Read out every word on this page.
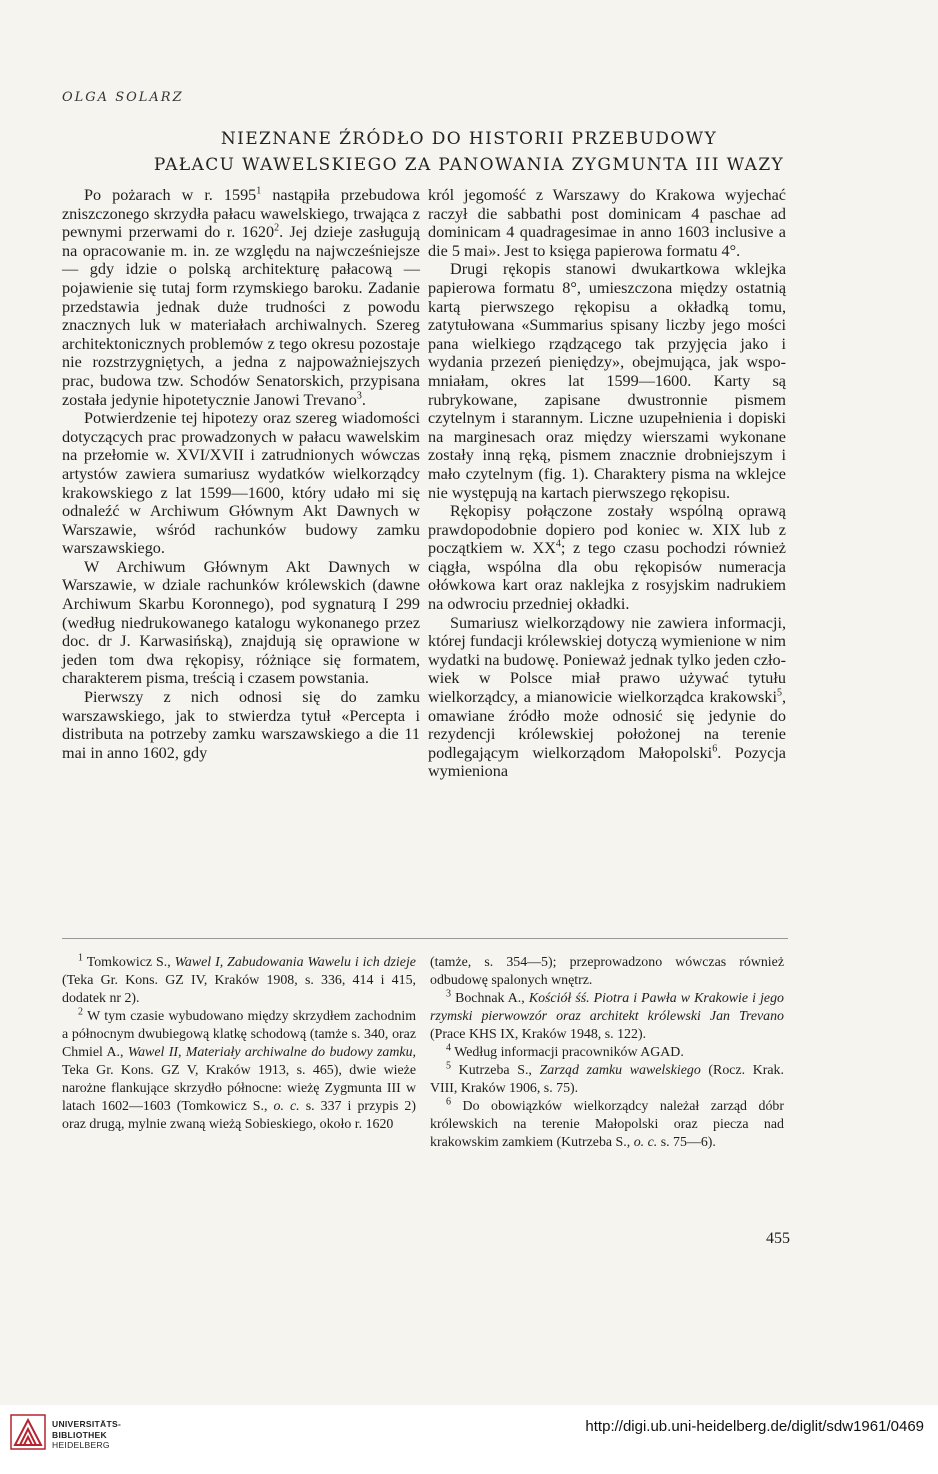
OLGA SOLARZ
NIEZNANE ŹRÓDŁO DO HISTORII PRZEBUDOWY
PAŁACU WAWELSKIEGO ZA PANOWANIA ZYGMUNTA III WAZY

Po pożarach w r. 1595$^1$ nastąpiła przebudowa zniszczonego skrzydła pałacu wawelskiego, trwająca z pewnymi przerwami do r. 1620$^2$. Jej dzieje zasługują na opracowanie m. in. ze względu na najwcześniejsze — gdy idzie o polską architekturę pałacową — pojawienie się tutaj form rzymskiego baroku. Zadanie przedstawia jednak duże trudności z powodu znacznych luk w materiałach archiwalnych. Szereg architektonicznych problemów z tego okresu pozostaje nie rozstrzygniętych, a jedna z najpoważniejszych prac, budowa tzw. Schodów Senatorskich, przypisana została jedynie hipotetycznie Janowi Trevano$^3$.

Potwierdzenie tej hipotezy oraz szereg wiadomości dotyczących prac prowadzonych w pałacu wawelskim na przełomie w. XVI/XVII i zatrudnionych wówczas artystów zawiera sumariusz wydatków wielkorządcy krakowskiego z lat 1599—1600, który udało mi się odnaleźć w Archiwum Głównym Akt Dawnych w Warszawie, wśród rachunków budowy zamku warszawskiego.

W Archiwum Głównym Akt Dawnych w Warszawie, w dziale rachunków królewskich (dawne Archiwum Skarbu Koronnego), pod sygnaturą I 299 (według niedrukowanego katalogu wykonanego przez doc. dr J. Karwasińską), znajdują się oprawione w jeden tom dwa rękopisy, różniące się formatem, charakterem pisma, treścią i czasem powstania.

Pierwszy z nich odnosi się do zamku warszawskiego, jak to stwierdza tytuł «Percepta i distributa na potrzeby zamku warszawskiego a die 11 mai in anno 1602, gdy

król jegomość z Warszawy do Krakowa wyjechać raczył die sabbathi post dominicam 4 paschae ad dominicam 4 quadragesimae in anno 1603 inclusive a die 5 mai». Jest to księga papierowa formatu 4°.

Drugi rękopis stanowi dwukartkowa wklejka papierowa formatu 8°, umieszczona między ostatnią kartą pierwszego rękopisu a okładką tomu, zatytułowana «Summarius spisany liczby jego mości pana wielkiego rządzącego tak przyjęcia jako i wydania przezeń pieniędzy», obejmująca, jak wspomniałam, okres lat 1599—1600. Karty są rubrykowane, zapisane dwustronnie pismem czytelnym i starannym. Liczne uzupełnienia i dopiski na marginesach oraz między wierszami wykonane zostały inną ręką, pismem znacznie drobniejszym i mało czytelnym (fig. 1). Charaktery pisma na wklejce nie występują na kartach pierwszego rękopisu.

Rękopisy połączone zostały wspólną oprawą prawdopodobnie dopiero pod koniec w. XIX lub z początkiem w. $XX^4$; z tego czasu pochodzi również ciągła, wspólna dla obu rękopisów numeracja ołówkowa kart oraz naklejka z rosyjskim nadrukiem na odwrociu przedniej okładki.

Sumariusz wielkorządowy nie zawiera informacji, której fundacji królewskiej dotyczą wymienione w nim wydatki na budowę. Ponieważ jednak tylko jeden człowiek w Polsce miał prawo używać tytułu wielkorządcy, a mianowicie wielkorządca krakowski$^5$, omawiane źródło może odnosić się jedynie do rezydencji królewskiej położonej na terenie podlegającym wielkorządom Małopolski$^6$. Pozycja wymieniona

$^1$ Tomkowicz S., Wawel I, Zabudowania Wawelu i ich dzieje (Teka Gr. Kons. GZ IV, Kraków 1908, s. 336, 414 i 415, dodatek nr 2).

$^2$ W tym czasie wybudowano między skrzydłem zachodnim a północnym dwubiegową klatkę schodową (tamże s. 340, oraz Chmiel A., Wawel II, Materiały archiwalne do budowy zamku, Teka Gr. Kons. GZ V, Kraków 1913, s. 465), dwie wieże narożne flankujące skrzydło północne: wieżę Zygmunta III w latach 1602—1603 (Tomkowicz S., o. c. s. 337 i przypis 2) oraz drugą, mylnie zwaną wieżą Sobieskiego, około r. 1620

(tamże, s. 354—5); przeprowadzono wówczas również odbudowę spalonych wnętrz.

$^3$ Bochnak A., Kościół śś. Piotra i Pawła w Krakowie i jego rzymski pierwowzór oraz architekt królewski Jan Trevano (Prace KHS IX, Kraków 1948, s. 122).

$^4$ Według informacji pracowników AGAD.

$^5$ Kutrzeba S., Zarząd zamku wawelskiego (Rocz. Krak. VIII, Kraków 1906, s. 75).

$^6$ Do obowiązków wielkorządcy należał zarząd dóbr królewskich na terenie Małopolski oraz piecza nad krakowskim zamkiem (Kutrzeba S., o. c. s. 75—6).

455
UNIVERSITÄTS-
BIBLIOTHEK
HEIDELBERG
http://digi.ub.uni-heidelberg.de/diglit/sdw1961/0469
